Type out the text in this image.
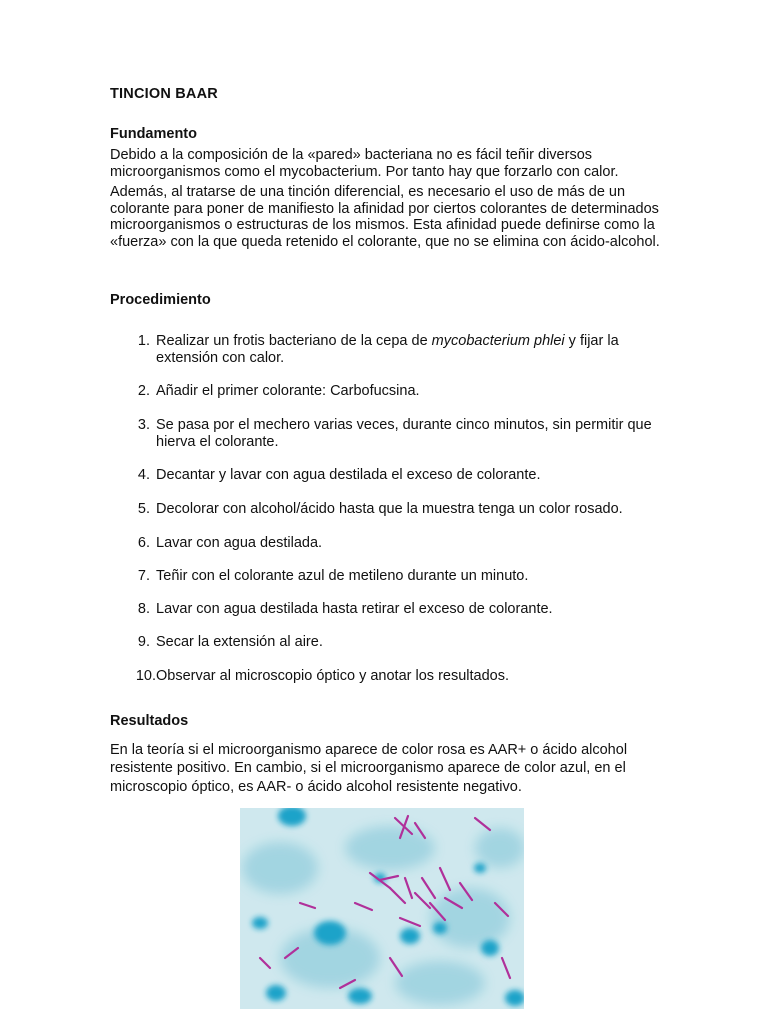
TINCION BAAR

Fundamento

Debido a la composición de la «pared» bacteriana no es fácil teñir diversos microorganismos como el mycobacterium. Por tanto hay que forzarlo con calor.

Además, al tratarse de una tinción diferencial, es necesario el uso de más de un colorante para poner de manifiesto la afinidad por ciertos colorantes de determinados microorganismos o estructuras de los mismos. Esta afinidad puede definirse como la «fuerza» con la que queda retenido el colorante, que no se elimina con ácido-alcohol.

Procedimiento

1. Realizar un frotis bacteriano de la cepa de mycobacterium phlei y fijar la extensión con calor.
2. Añadir el primer colorante: Carbofucsina.
3. Se pasa por el mechero varias veces, durante cinco minutos, sin permitir que hierva el colorante.
4. Decantar y lavar con agua destilada el exceso de colorante.
5. Decolorar con alcohol/ácido hasta que la muestra tenga un color rosado.
6. Lavar con agua destilada.
7. Teñir con el colorante azul de metileno durante un minuto.
8. Lavar con agua destilada hasta retirar el exceso de colorante.
9. Secar la extensión al aire.
10. Observar al microscopio óptico y anotar los resultados.

Resultados

En la teoría si el microorganismo aparece de color rosa es AAR+ o ácido alcohol resistente positivo. En cambio, si el microorganismo aparece de color azul, en el microscopio óptico, es AAR- o ácido alcohol resistente negativo.
